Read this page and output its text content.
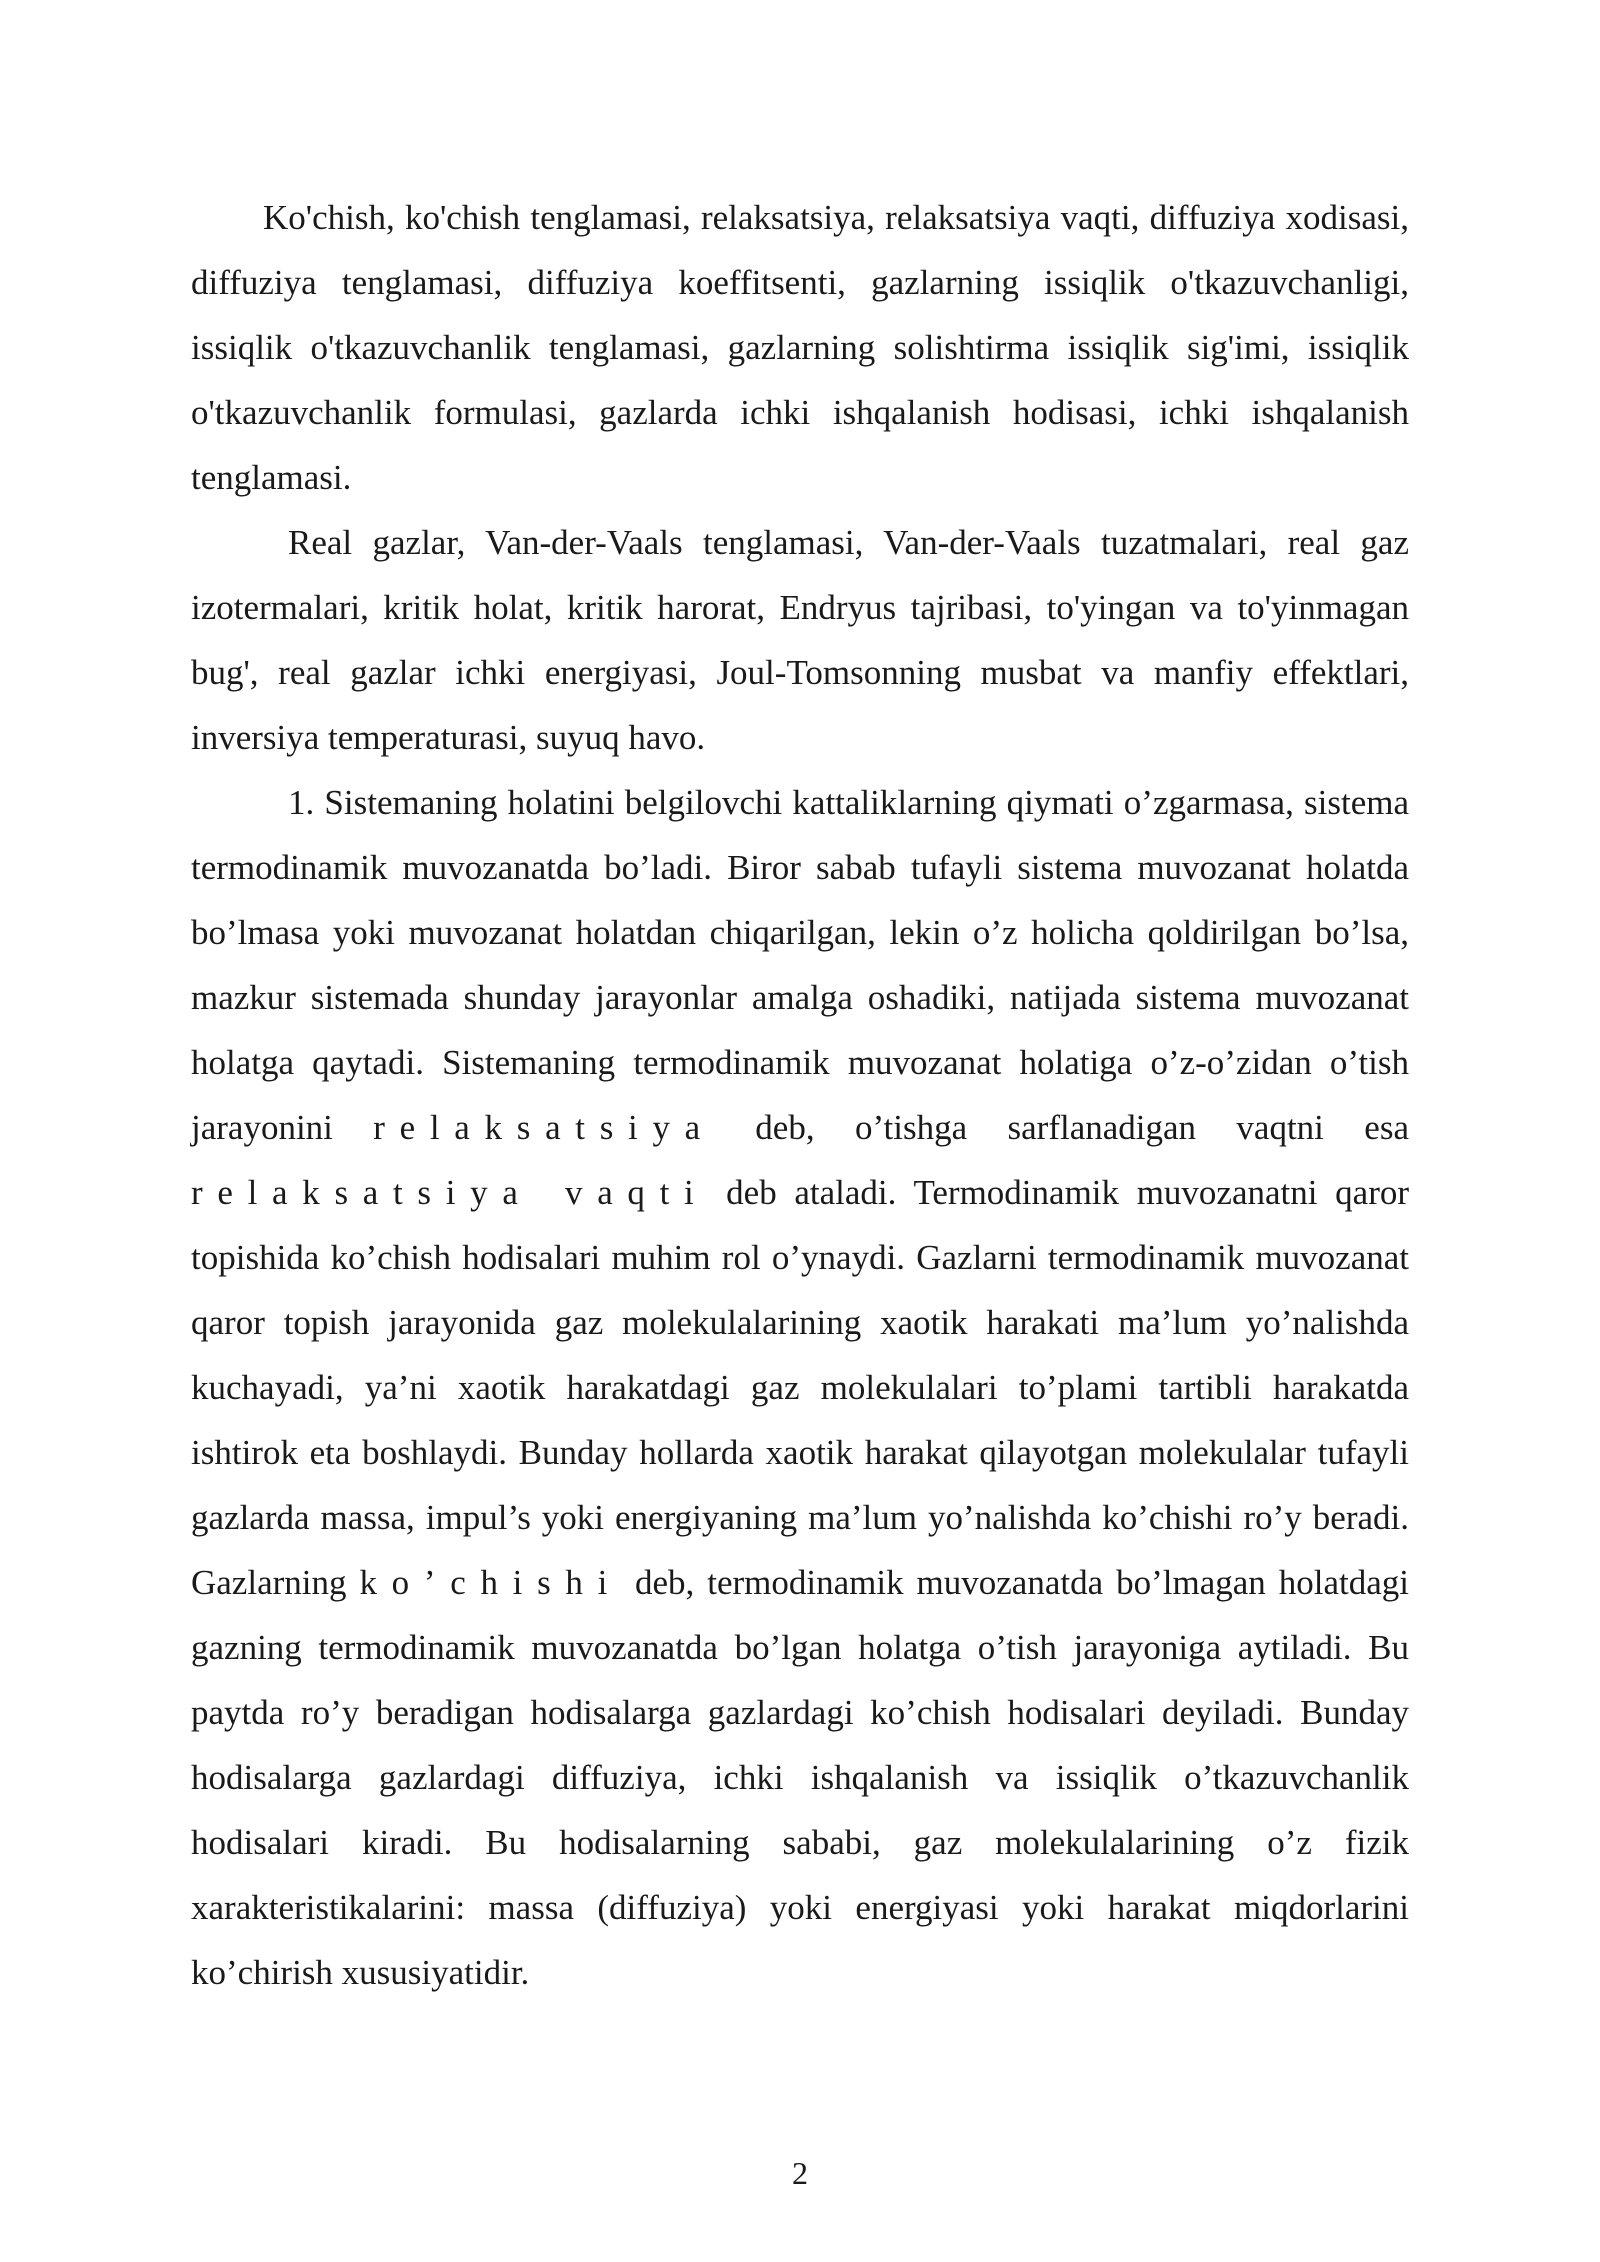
Ko'chish, ko'chish tenglamasi, relaksatsiya, relaksatsiya vaqti, diffuziya xodisasi, diffuziya tenglamasi, diffuziya koeffitsenti, gazlarning issiqlik o'tkazuvchanligi, issiqlik o'tkazuvchanlik tenglamasi, gazlarning solishtirma issiqlik sig'imi, issiqlik o'tkazuvchanlik formulasi, gazlarda ichki ishqalanish hodisasi, ichki ishqalanish tenglamasi.

Real gazlar, Van-der-Vaals tenglamasi, Van-der-Vaals tuzatmalari, real gaz izotermalari, kritik holat, kritik harorat, Endryus tajribasi, to'yingan va to'yinmagan bug', real gazlar ichki energiyasi, Joul-Tomsonning musbat va manfiy effektlari, inversiya temperaturasi, suyuq havo.

1. Sistemaning holatini belgilovchi kattaliklarning qiymati o’zgarmasa, sistema termodinamik muvozanatda bo’ladi. Biror sabab tufayli sistema muvozanat holatda bo’lmasa yoki muvozanat holatdan chiqarilgan, lekin o’z holicha qoldirilgan bo’lsa, mazkur sistemada shunday jarayonlar amalga oshadiki, natijada sistema muvozanat holatga qaytadi. Sistemaning termodinamik muvozanat holatiga o’z-o’zidan o’tish jarayonini relaksatsiya deb, o’tishga sarflanadigan vaqtni esa relaksatsiya vaqti deb ataladi. Termodinamik muvozanatni qaror topishida ko’chish hodisalari muhim rol o’ynaydi. Gazlarni termodinamik muvozanat qaror topish jarayonida gaz molekulalarining xaotik harakati ma’lum yo’nalishda kuchayadi, ya’ni xaotik harakatdagi gaz molekulalari to’plami tartibli harakatda ishtirok eta boshlaydi. Bunday hollarda xaotik harakat qilayotgan molekulalar tufayli gazlarda massa, impul’s yoki energiyaning ma’lum yo’nalishda ko’chishi ro’y beradi. Gazlarning ko’chishi deb, termodinamik muvozanatda bo’lmagan holatdagi gazning termodinamik muvozanatda bo’lgan holatga o’tish jarayoniga aytiladi. Bu paytda ro’y beradigan hodisalarga gazlardagi ko’chish hodisalari deyiladi. Bunday hodisalarga gazlardagi diffuziya, ichki ishqalanish va issiqlik o’tkazuvchanlik hodisalari kiradi. Bu hodisalarning sababi, gaz molekulalarining o’z fizik xarakteristikalarini: massa (diffuziya) yoki energiyasi yoki harakat miqdorlarini ko’chirish xususiyatidir.

2
